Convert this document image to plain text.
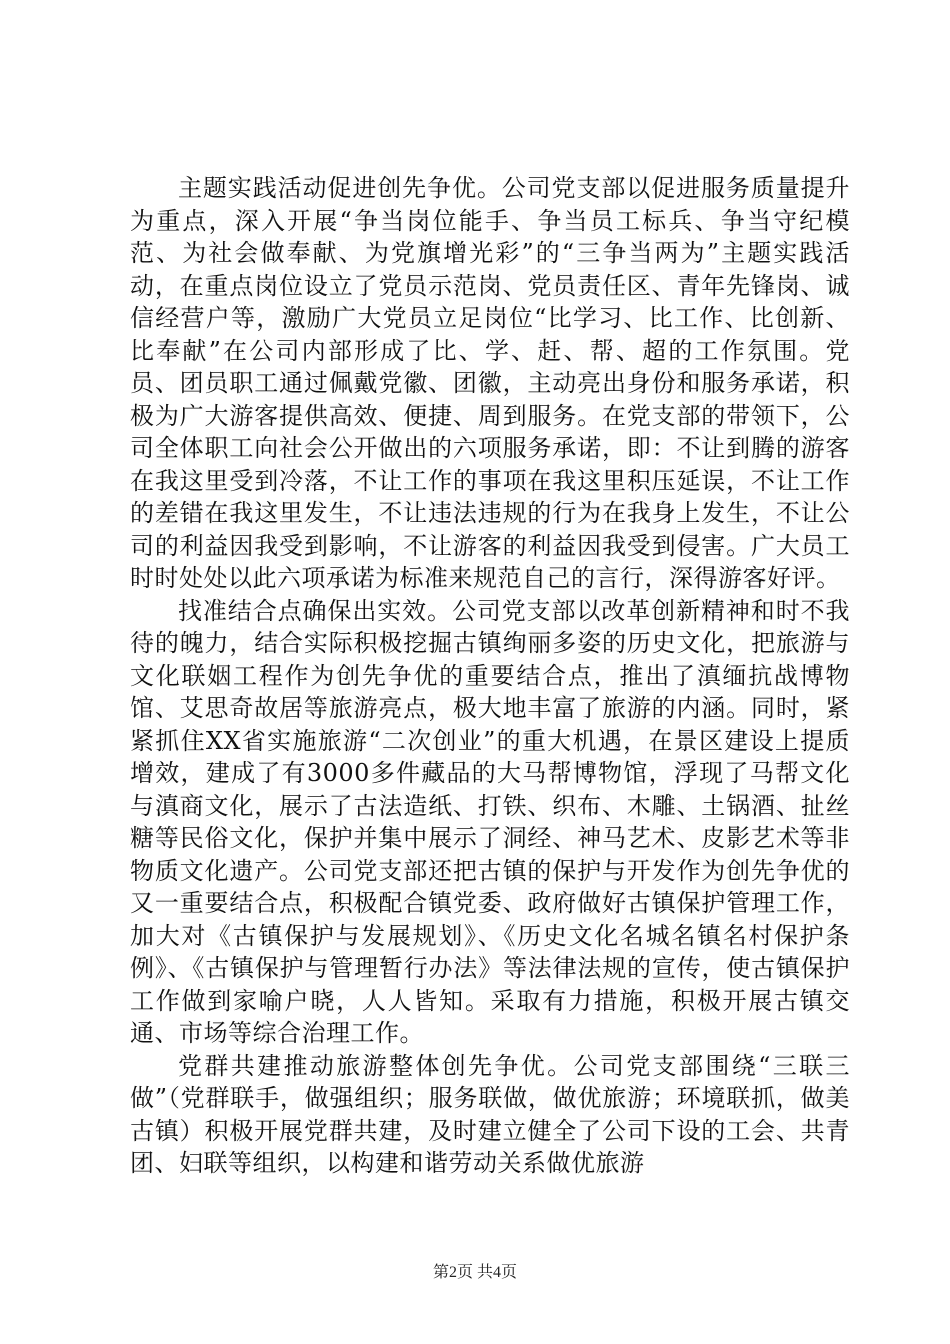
主题实践活动促进创先争优。公司党支部以促进服务质量提升为重点，深入开展“争当岗位能手、争当员工标兵、争当守纪模范、为社会做奉献、为党旗增光彩”的“三争当两为”主题实践活动，在重点岗位设立了党员示范岗、党员责任区、青年先锋岗、诚信经营户等，激励广大党员立足岗位“比学习、比工作、比创新、比奉献”在公司内部形成了比、学、赶、帮、超的工作氛围。党员、团员职工通过佩戴党徽、团徽，主动亮出身份和服务承诺，积极为广大游客提供高效、便捷、周到服务。在党支部的带领下，公司全体职工向社会公开做出的六项服务承诺，即：不让到腾的游客在我这里受到冷落，不让工作的事项在我这里积压延误，不让工作的差错在我这里发生，不让违法违规的行为在我身上发生，不让公司的利益因我受到影响，不让游客的利益因我受到侵害。广大员工时时处处以此六项承诺为标准来规范自己的言行，深得游客好评。

找准结合点确保出实效。公司党支部以改革创新精神和时不我待的魄力，结合实际积极挖掘古镇绚丽多姿的历史文化，把旅游与文化联姻工程作为创先争优的重要结合点，推出了滇缅抗战博物馆、艾思奇故居等旅游亮点，极大地丰富了旅游的内涵。同时，紧紧抓住XX省实施旅游“二次创业”的重大机遇，在景区建设上提质增效，建成了有3000多件藏品的大马帮博物馆，浮现了马帮文化与滇商文化，展示了古法造纸、打铁、织布、木雕、土锅酒、扯丝糖等民俗文化，保护并集中展示了洞经、神马艺术、皮影艺术等非物质文化遗产。公司党支部还把古镇的保护与开发作为创先争优的又一重要结合点，积极配合镇党委、政府做好古镇保护管理工作，加大对《古镇保护与发展规划》、《历史文化名城名镇名村保护条例》、《古镇保护与管理暂行办法》等法律法规的宣传，使古镇保护工作做到家喻户晓，人人皆知。采取有力措施，积极开展古镇交通、市场等综合治理工作。

党群共建推动旅游整体创先争优。公司党支部围绕“三联三做”（党群联手，做强组织；服务联做，做优旅游；环境联抓，做美古镇）积极开展党群共建，及时建立健全了公司下设的工会、共青团、妇联等组织，以构建和谐劳动关系做优旅游

第2页 共4页
